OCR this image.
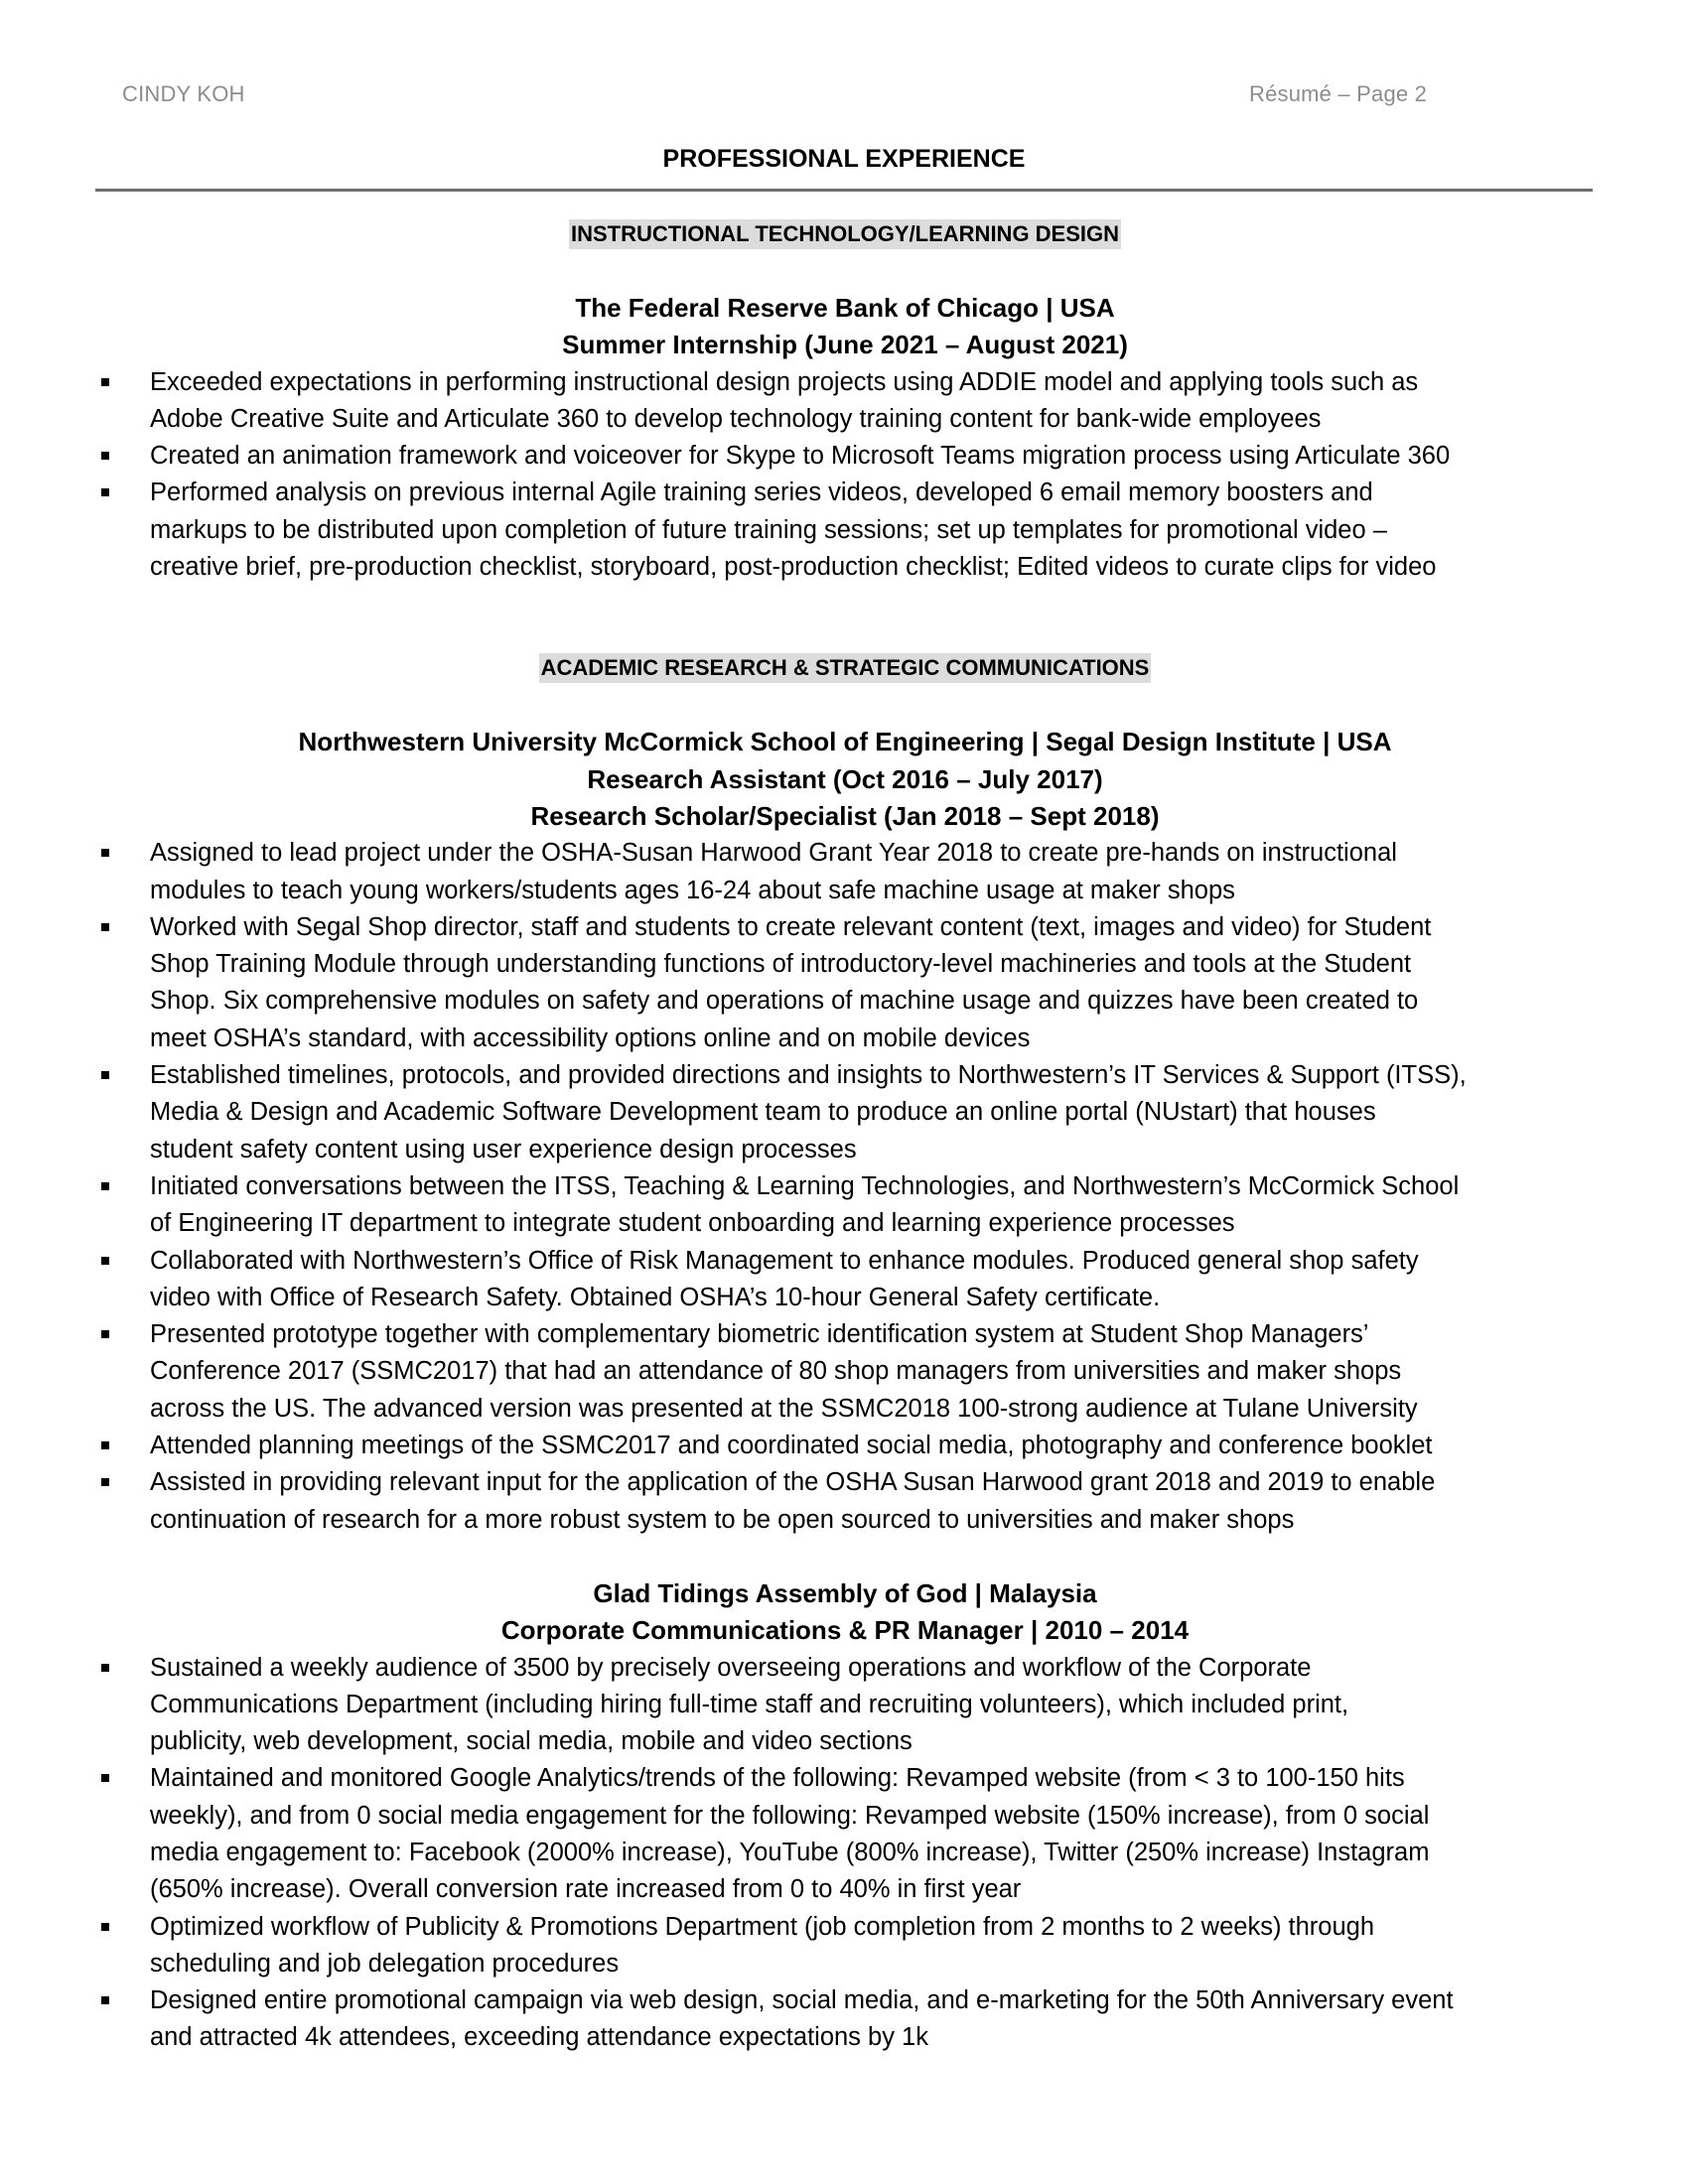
CINDY KOH	Résumé – Page 2
PROFESSIONAL EXPERIENCE
INSTRUCTIONAL TECHNOLOGY/LEARNING DESIGN
The Federal Reserve Bank of Chicago | USA
Summer Internship (June 2021 – August 2021)
Exceeded expectations in performing instructional design projects using ADDIE model and applying tools such as
Adobe Creative Suite and Articulate 360 to develop technology training content for bank-wide employees
Created an animation framework and voiceover for Skype to Microsoft Teams migration process using Articulate 360
Performed analysis on previous internal Agile training series videos, developed 6 email memory boosters and
markups to be distributed upon completion of future training sessions; set up templates for promotional video –
creative brief, pre-production checklist, storyboard, post-production checklist; Edited videos to curate clips for video
ACADEMIC RESEARCH & STRATEGIC COMMUNICATIONS
Northwestern University McCormick School of Engineering | Segal Design Institute | USA
Research Assistant (Oct 2016 – July 2017)
Research Scholar/Specialist (Jan 2018 – Sept 2018)
Assigned to lead project under the OSHA-Susan Harwood Grant Year 2018 to create pre-hands on instructional
modules to teach young workers/students ages 16-24 about safe machine usage at maker shops
Worked with Segal Shop director, staff and students to create relevant content (text, images and video) for Student
Shop Training Module through understanding functions of introductory-level machineries and tools at the Student
Shop. Six comprehensive modules on safety and operations of machine usage and quizzes have been created to
meet OSHA’s standard, with accessibility options online and on mobile devices
Established timelines, protocols, and provided directions and insights to Northwestern’s IT Services & Support (ITSS),
Media & Design and Academic Software Development team to produce an online portal (NUstart) that houses
student safety content using user experience design processes
Initiated conversations between the ITSS, Teaching & Learning Technologies, and Northwestern’s McCormick School
of Engineering IT department to integrate student onboarding and learning experience processes
Collaborated with Northwestern’s Office of Risk Management to enhance modules. Produced general shop safety
video with Office of Research Safety. Obtained OSHA’s 10-hour General Safety certificate.
Presented prototype together with complementary biometric identification system at Student Shop Managers’
Conference 2017 (SSMC2017) that had an attendance of 80 shop managers from universities and maker shops
across the US. The advanced version was presented at the SSMC2018 100-strong audience at Tulane University
Attended planning meetings of the SSMC2017 and coordinated social media, photography and conference booklet
Assisted in providing relevant input for the application of the OSHA Susan Harwood grant 2018 and 2019 to enable
continuation of research for a more robust system to be open sourced to universities and maker shops
Glad Tidings Assembly of God | Malaysia
Corporate Communications & PR Manager | 2010 – 2014
Sustained a weekly audience of 3500 by precisely overseeing operations and workflow of the Corporate
Communications Department (including hiring full-time staff and recruiting volunteers), which included print,
publicity, web development, social media, mobile and video sections
Maintained and monitored Google Analytics/trends of the following: Revamped website (from < 3 to 100-150 hits
weekly), and from 0 social media engagement for the following: Revamped website (150% increase), from 0 social
media engagement to: Facebook (2000% increase), YouTube (800% increase), Twitter (250% increase) Instagram
(650% increase). Overall conversion rate increased from 0 to 40% in first year
Optimized workflow of Publicity & Promotions Department (job completion from 2 months to 2 weeks) through
scheduling and job delegation procedures
Designed entire promotional campaign via web design, social media, and e-marketing for the 50th Anniversary event
and attracted 4k attendees, exceeding attendance expectations by 1k
